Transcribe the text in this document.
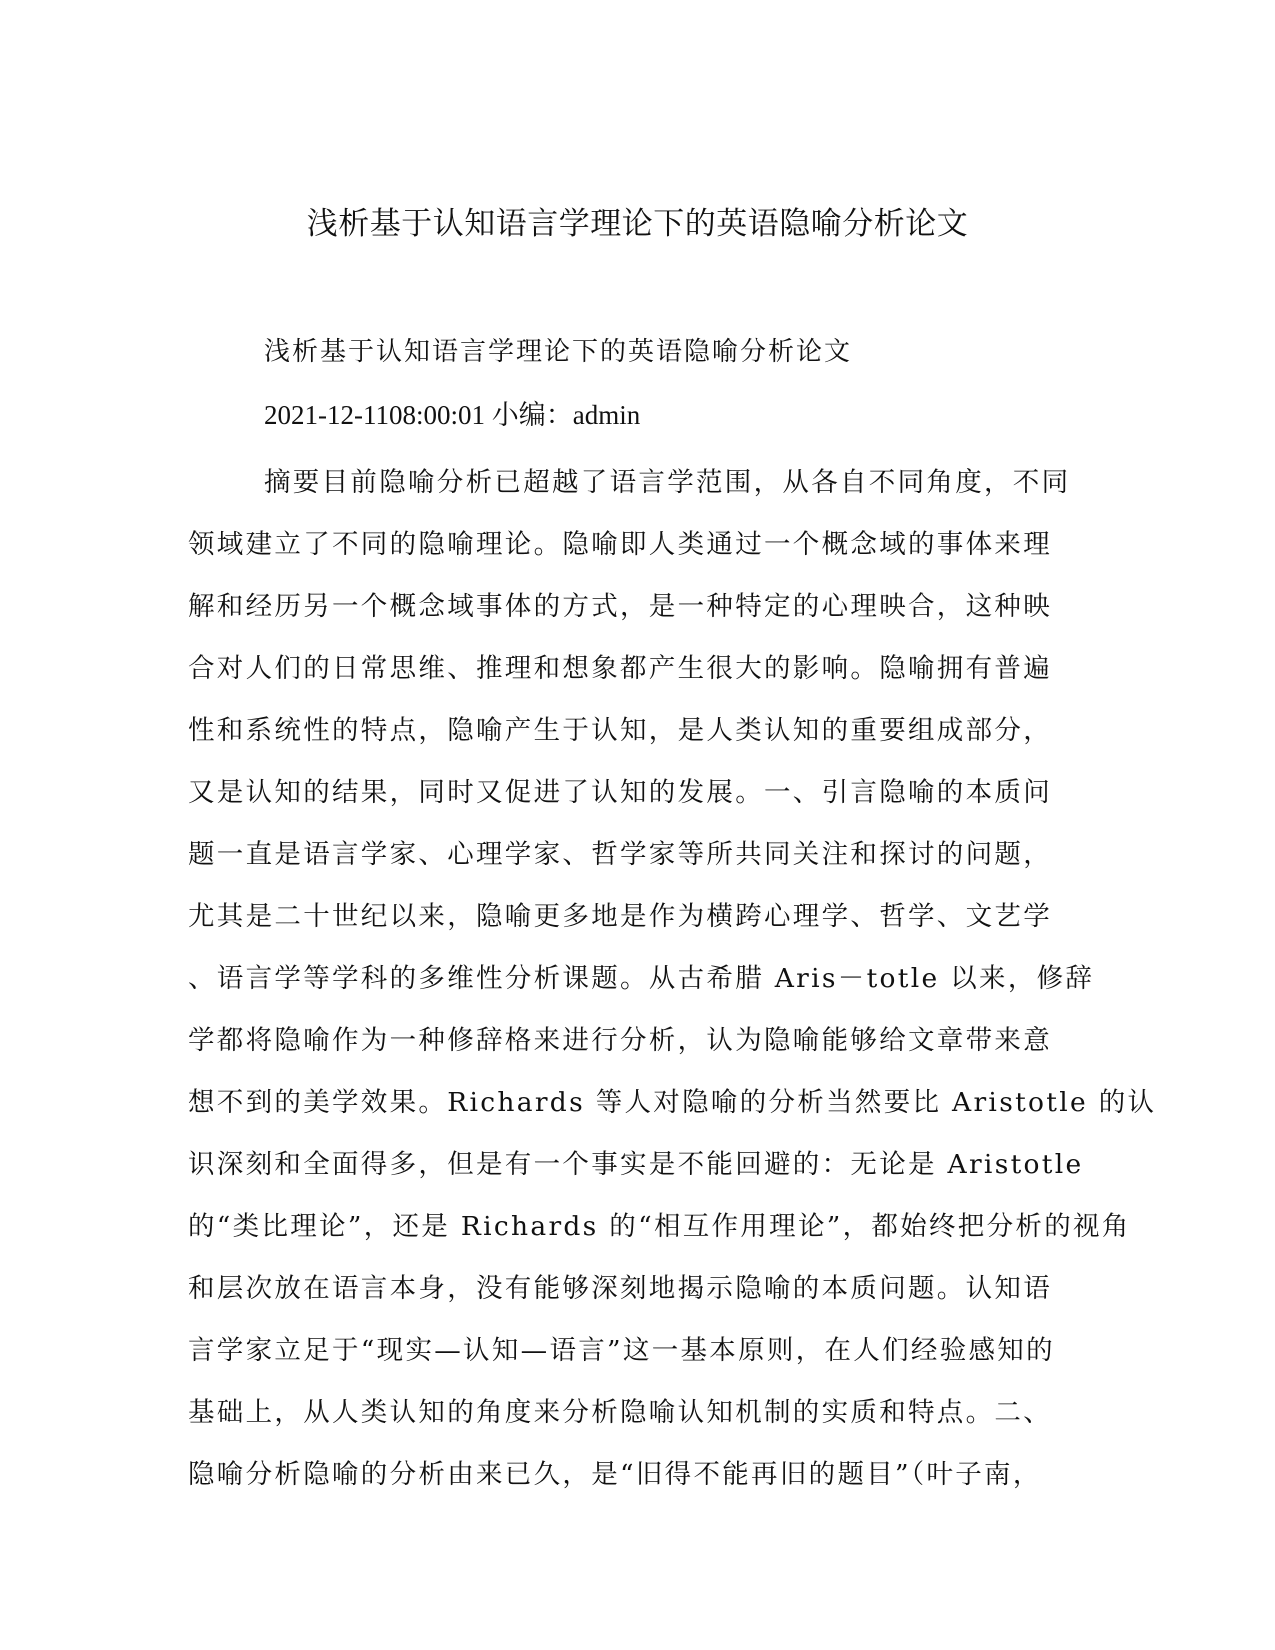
浅析基于认知语言学理论下的英语隐喻分析论文

浅析基于认知语言学理论下的英语隐喻分析论文

2021-12-1108:00:01 小编：admin

摘要目前隐喻分析已超越了语言学范围，从各自不同角度，不同
领域建立了不同的隐喻理论。隐喻即人类通过一个概念域的事体来理
解和经历另一个概念域事体的方式，是一种特定的心理映合，这种映
合对人们的日常思维、推理和想象都产生很大的影响。隐喻拥有普遍
性和系统性的特点，隐喻产生于认知，是人类认知的重要组成部分，
又是认知的结果，同时又促进了认知的发展。一、引言隐喻的本质问
题一直是语言学家、心理学家、哲学家等所共同关注和探讨的问题，
尤其是二十世纪以来，隐喻更多地是作为横跨心理学、哲学、文艺学
、语言学等学科的多维性分析课题。从古希腊 Aris－totle 以来，修辞
学都将隐喻作为一种修辞格来进行分析，认为隐喻能够给文章带来意
想不到的美学效果。Richards 等人对隐喻的分析当然要比 Aristotle 的认
识深刻和全面得多，但是有一个事实是不能回避的：无论是 Aristotle
的“类比理论”，还是 Richards 的“相互作用理论”，都始终把分析的视角
和层次放在语言本身，没有能够深刻地揭示隐喻的本质问题。认知语
言学家立足于“现实—认知—语言”这一基本原则，在人们经验感知的
基础上，从人类认知的角度来分析隐喻认知机制的实质和特点。二、
隐喻分析隐喻的分析由来已久，是“旧得不能再旧的题目”（叶子南，
